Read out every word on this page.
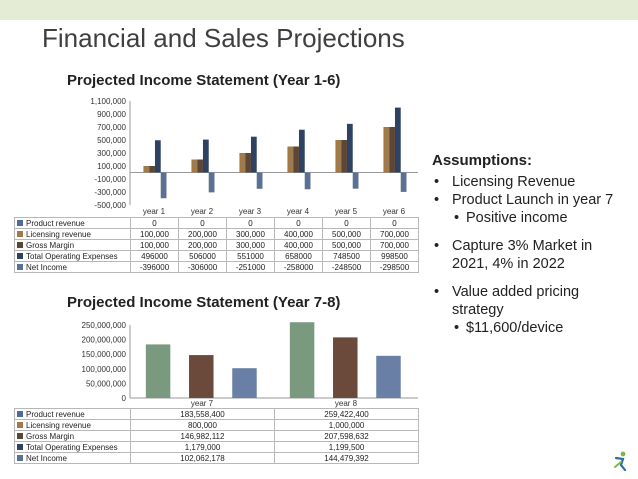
Financial and Sales Projections
Projected Income Statement (Year 1-6)
1,100,000
900,000
700,000
500,000
300,000
100,000
-100,000
-300,000
-500,000
year 1	year 2	year 3	year 4	year 5	year 6
Product revenue	0	0	0	0	0	0
Licensing revenue	100,000	200,000	300,000	400,000	500,000	700,000
Gross Margin	100,000	200,000	300,000	400,000	500,000	700,000
Total Operating Expenses	496000	506000	551000	658000	748500	998500
Net Income	-396000	-306000	-251000	-258000	-248500	-298500
Projected Income Statement (Year 7-8)
250,000,000
200,000,000
150,000,000
100,000,000
50,000,000
0
year 7	year 8
Product revenue	183,558,400	259,422,400
Licensing revenue	800,000	1,000,000
Gross Margin	146,982,112	207,598,632
Total Operating Expenses	1,179,000	1,199,500
Net Income	102,062,178	144,479,392
Assumptions:
• Licensing Revenue
• Product Launch in year 7
• Positive income
• Capture 3% Market in 2021, 4% in 2022
• Value added pricing strategy
• $11,600/device
